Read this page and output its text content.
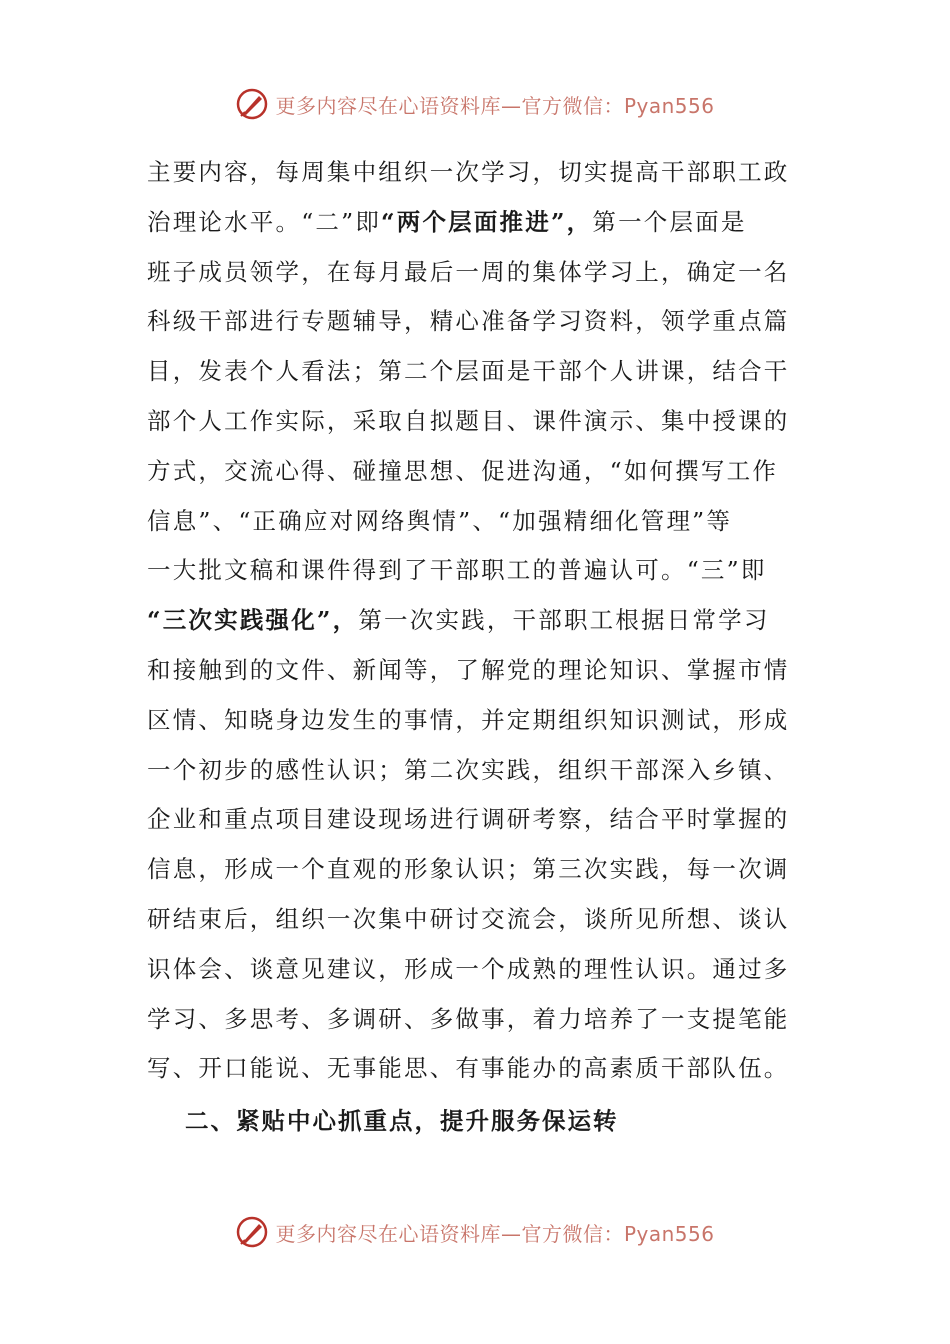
更多内容尽在心语资料库—官方微信：Pyan556
主要内容，每周集中组织一次学习，切实提高干部职工政
治理论水平。“二”即“两个层面推进”，第一个层面是
班子成员领学，在每月最后一周的集体学习上，确定一名
科级干部进行专题辅导，精心准备学习资料，领学重点篇
目，发表个人看法；第二个层面是干部个人讲课，结合干
部个人工作实际，采取自拟题目、课件演示、集中授课的
方式，交流心得、碰撞思想、促进沟通，“如何撰写工作
信息”、“正确应对网络舆情”、“加强精细化管理”等
一大批文稿和课件得到了干部职工的普遍认可。“三”即
“三次实践强化”，第一次实践，干部职工根据日常学习
和接触到的文件、新闻等，了解党的理论知识、掌握市情
区情、知晓身边发生的事情，并定期组织知识测试，形成
一个初步的感性认识；第二次实践，组织干部深入乡镇、
企业和重点项目建设现场进行调研考察，结合平时掌握的
信息，形成一个直观的形象认识；第三次实践，每一次调
研结束后，组织一次集中研讨交流会，谈所见所想、谈认
识体会、谈意见建议，形成一个成熟的理性认识。通过多
学习、多思考、多调研、多做事，着力培养了一支提笔能
写、开口能说、无事能思、有事能办的高素质干部队伍。
二、紧贴中心抓重点，提升服务保运转
更多内容尽在心语资料库—官方微信：Pyan556
